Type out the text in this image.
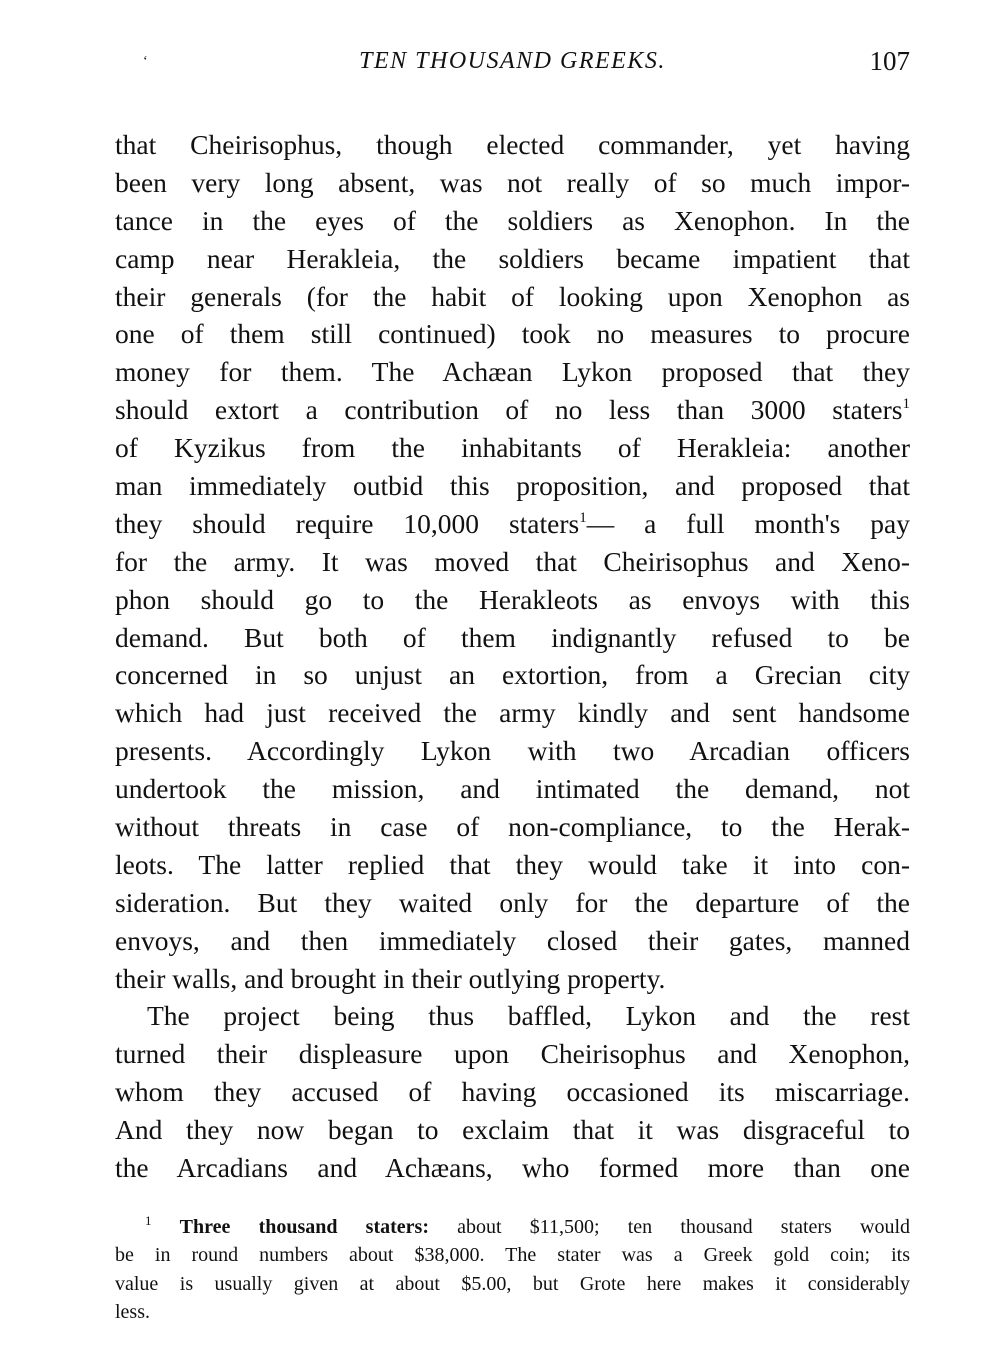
‘	TEN THOUSAND GREEKS.	107
that Cheirisophus, though elected commander, yet having
been very long absent, was not really of so much impor-
tance in the eyes of the soldiers as Xenophon. In the
camp near Herakleia, the soldiers became impatient that
their generals (for the habit of looking upon Xenophon as
one of them still continued) took no measures to procure
money for them. The Achæan Lykon proposed that they
should extort a contribution of no less than 3000 staters$^1$
of Kyzikus from the inhabitants of Herakleia: another
man immediately outbid this proposition, and proposed that
they should require 10,000 staters$^1$— a full month's pay
for the army. It was moved that Cheirisophus and Xeno-
phon should go to the Herakleots as envoys with this
demand. But both of them indignantly refused to be
concerned in so unjust an extortion, from a Grecian city
which had just received the army kindly and sent handsome
presents. Accordingly Lykon with two Arcadian officers
undertook the mission, and intimated the demand, not
without threats in case of non-compliance, to the Herak-
leots. The latter replied that they would take it into con-
sideration. But they waited only for the departure of the
envoys, and then immediately closed their gates, manned
their walls, and brought in their outlying property.
The project being thus baffled, Lykon and the rest
turned their displeasure upon Cheirisophus and Xenophon,
whom they accused of having occasioned its miscarriage.
And they now began to exclaim that it was disgraceful to
the Arcadians and Achæans, who formed more than one
$^1$ Three thousand staters: about $11,500; ten thousand staters would
be in round numbers about $38,000. The stater was a Greek gold coin; its
value is usually given at about $5.00, but Grote here makes it considerably
less.
